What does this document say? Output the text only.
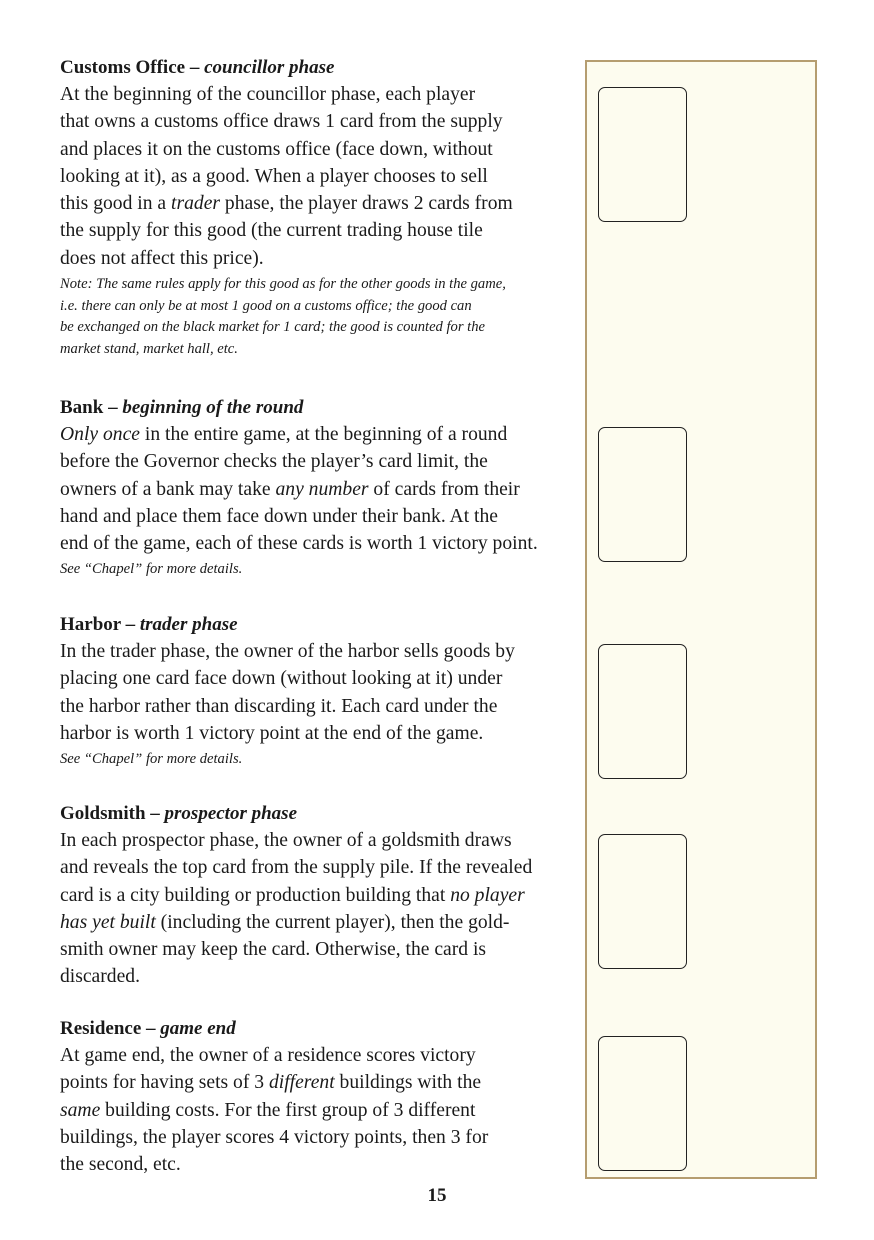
Customs Office – councillor phase

At the beginning of the councillor phase, each player

that owns a customs office draws 1 card from the supply

and places it on the customs office (face down, without

looking at it), as a good. When a player chooses to sell

this good in a trader phase, the player draws 2 cards from

the supply for this good (the current trading house tile

does not affect this price).

Note: The same rules apply for this good as for the other goods in the game,
i.e. there can only be at most 1 good on a customs office; the good can
be exchanged on the black market for 1 card; the good is counted for the
market stand, market hall, etc.
Bank – beginning of the round

Only once in the entire game, at the beginning of a round

before the Governor checks the player’s card limit, the

owners of a bank may take any number of cards from their

hand and place them face down under their bank. At the

end of the game, each of these cards is worth 1 victory point.

See “Chapel” for more details.
Harbor – trader phase

In the trader phase, the owner of the harbor sells goods by

placing one card face down (without looking at it) under

the harbor rather than discarding it. Each card under the

harbor is worth 1 victory point at the end of the game.

See “Chapel” for more details.
Goldsmith – prospector phase

In each prospector phase, the owner of a goldsmith draws

and reveals the top card from the supply pile. If the revealed

card is a city building or production building that no player

has yet built (including the current player), then the gold-

smith owner may keep the card. Otherwise, the card is

discarded.

Residence – game end

At game end, the owner of a residence scores victory

points for having sets of 3 different buildings with the

same building costs. For the first group of 3 different

buildings, the player scores 4 victory points, then 3 for

the second, etc.

15
